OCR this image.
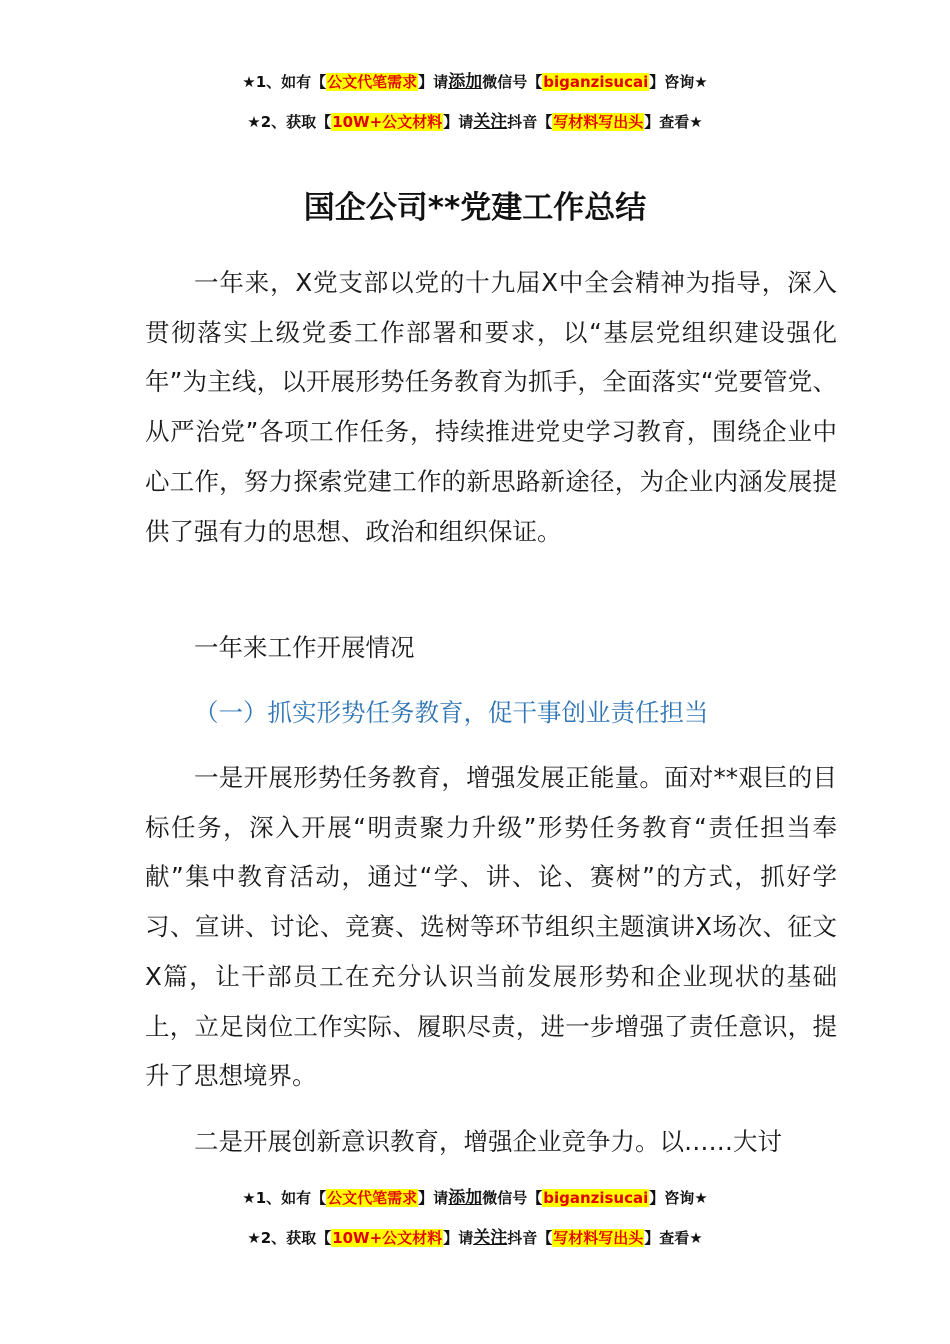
★1、如有【公文代笔需求】请添加微信号【biganzisucai】咨询★
★2、获取【10W+公文材料】请关注抖音【写材料写出头】查看★
国企公司**党建工作总结

一年来，X党支部以党的十九届X中全会精神为指导，深入贯彻落实上级党委工作部署和要求，以“基层党组织建设强化年”为主线，以开展形势任务教育为抓手，全面落实“党要管党、从严治党”各项工作任务，持续推进党史学习教育，围绕企业中心工作，努力探索党建工作的新思路新途径，为企业内涵发展提供了强有力的思想、政治和组织保证。

一年来工作开展情况

（一）抓实形势任务教育，促干事创业责任担当

一是开展形势任务教育，增强发展正能量。面对**艰巨的目标任务，深入开展“明责聚力升级”形势任务教育“责任担当奉献”集中教育活动，通过“学、讲、论、赛树”的方式，抓好学习、宣讲、讨论、竞赛、选树等环节组织主题演讲X场次、征文X篇，让干部员工在充分认识当前发展形势和企业现状的基础上，立足岗位工作实际、履职尽责，进一步增强了责任意识，提升了思想境界。

二是开展创新意识教育，增强企业竞争力。以……大讨

★1、如有【公文代笔需求】请添加微信号【biganzisucai】咨询★
★2、获取【10W+公文材料】请关注抖音【写材料写出头】查看★
